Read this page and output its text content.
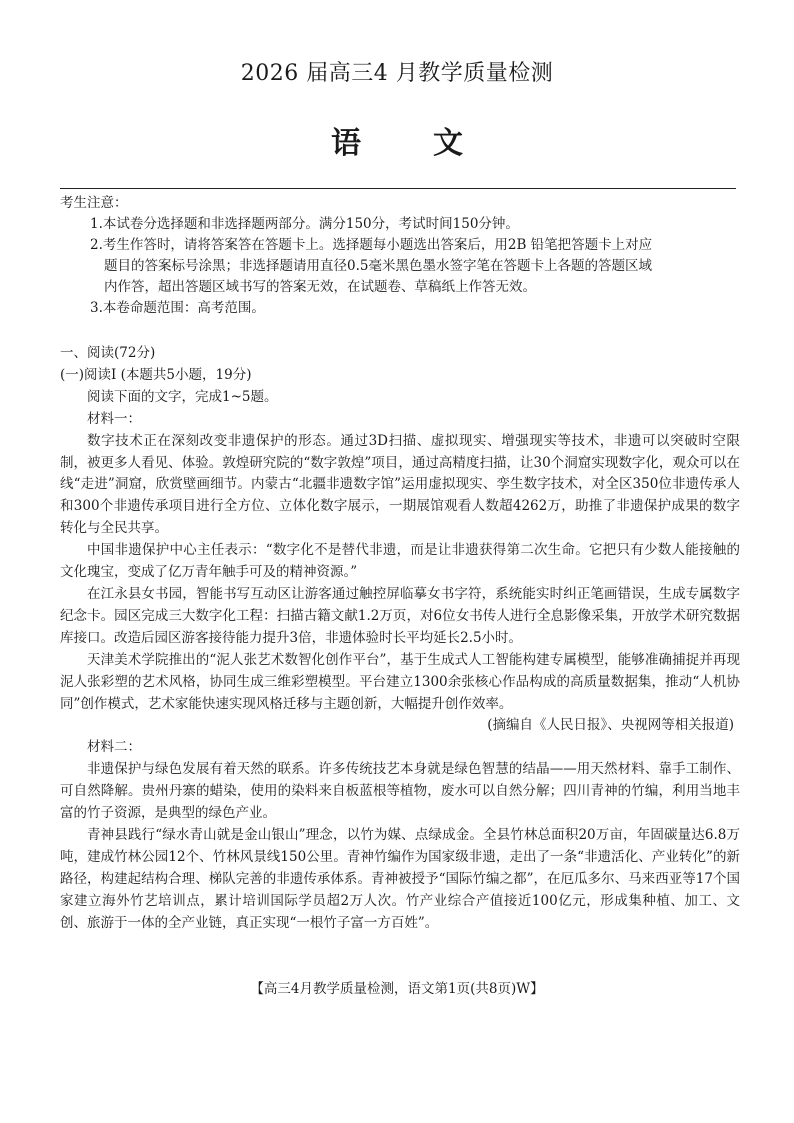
2026 届高三4 月教学质量检测
语文

考生注意：

1.本试卷分选择题和非选择题两部分。满分150分，考试时间150分钟。

2.考生作答时，请将答案答在答题卡上。选择题每小题选出答案后，用2B 铅笔把答题卡上对应

题目的答案标号涂黑；非选择题请用直径0.5毫米黑色墨水签字笔在答题卡上各题的答题区域

内作答，超出答题区域书写的答案无效，在试题卷、草稿纸上作答无效。

3.本卷命题范围：高考范围。

一、阅读(72分)

(一)阅读Ⅰ (本题共5小题，19分)

阅读下面的文字，完成1~5题。

材料一：

数字技术正在深刻改变非遗保护的形态。通过3D扫描、虚拟现实、增强现实等技术，非遗可以突破时空限制，被更多人看见、体验。敦煌研究院的“数字敦煌”项目，通过高精度扫描，让30个洞窟实现数字化，观众可以在线“走进”洞窟，欣赏壁画细节。内蒙古“北疆非遗数字馆”运用虚拟现实、孪生数字技术，对全区350位非遗传承人和300个非遗传承项目进行全方位、立体化数字展示，一期展馆观看人数超4262万，助推了非遗保护成果的数字转化与全民共享。

中国非遗保护中心主任表示：“数字化不是替代非遗，而是让非遗获得第二次生命。它把只有少数人能接触的文化瑰宝，变成了亿万青年触手可及的精神资源。”

在江永县女书园，智能书写互动区让游客通过触控屏临摹女书字符，系统能实时纠正笔画错误，生成专属数字纪念卡。园区完成三大数字化工程：扫描古籍文献1.2万页，对6位女书传人进行全息影像采集，开放学术研究数据库接口。改造后园区游客接待能力提升3倍，非遗体验时长平均延长2.5小时。

天津美术学院推出的“泥人张艺术数智化创作平台”，基于生成式人工智能构建专属模型，能够准确捕捉并再现泥人张彩塑的艺术风格，协同生成三维彩塑模型。平台建立1300余张核心作品构成的高质量数据集，推动“人机协同”创作模式，艺术家能快速实现风格迁移与主题创新，大幅提升创作效率。

(摘编自《人民日报》、央视网等相关报道)

材料二：

非遗保护与绿色发展有着天然的联系。许多传统技艺本身就是绿色智慧的结晶——用天然材料、靠手工制作、可自然降解。贵州丹寨的蜡染，使用的染料来自板蓝根等植物，废水可以自然分解；四川青神的竹编，利用当地丰富的竹子资源，是典型的绿色产业。

青神县践行“绿水青山就是金山银山”理念，以竹为媒、点绿成金。全县竹林总面积20万亩，年固碳量达6.8万吨，建成竹林公园12个、竹林风景线150公里。青神竹编作为国家级非遗，走出了一条“非遗活化、产业转化”的新路径，构建起结构合理、梯队完善的非遗传承体系。青神被授予“国际竹编之都”，在厄瓜多尔、马来西亚等17个国家建立海外竹艺培训点，累计培训国际学员超2万人次。竹产业综合产值接近100亿元，形成集种植、加工、文创、旅游于一体的全产业链，真正实现“一根竹子富一方百姓”。

【高三4月教学质量检测，语文第1页(共8页)W】
